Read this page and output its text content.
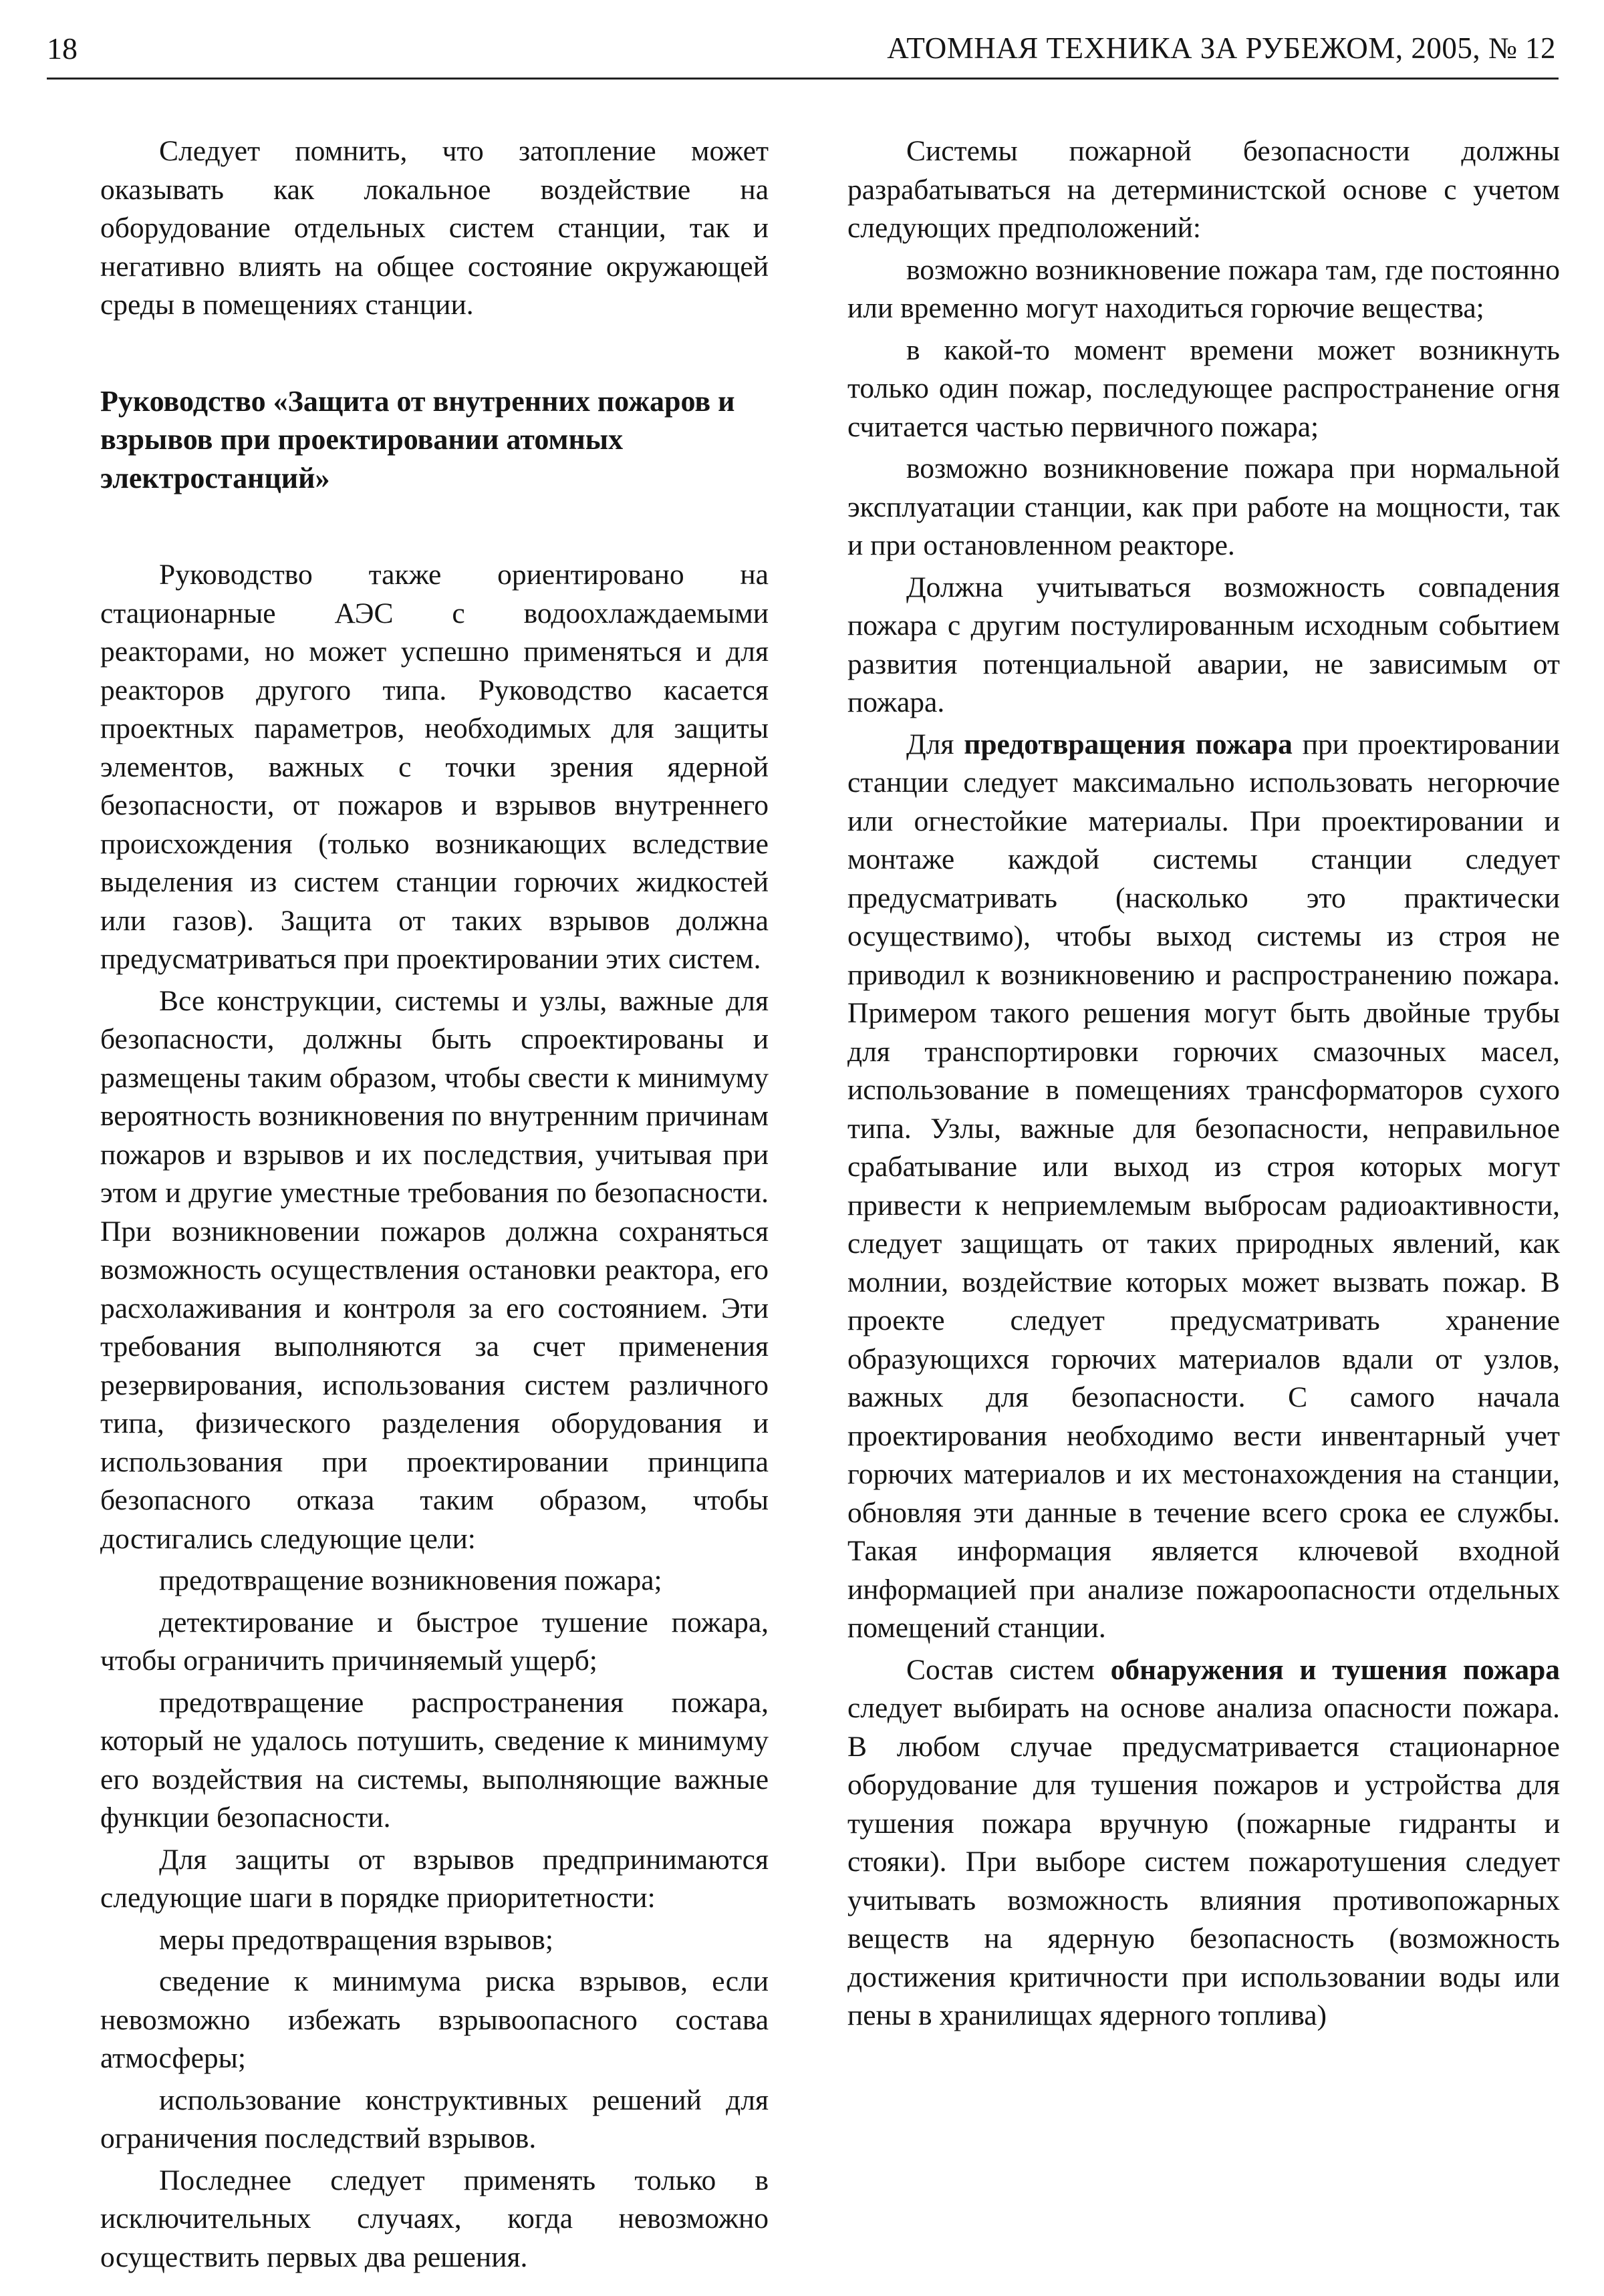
18	АТОМНАЯ ТЕХНИКА ЗА РУБЕЖОМ, 2005, № 12

Следует помнить, что затопление может оказывать как локальное воздействие на оборудование отдельных систем станции, так и негативно влиять на общее состояние окружающей среды в помещениях станции.

Руководство «Защита от внутренних пожаров и взрывов при проектировании атомных электростанций»

Руководство также ориентировано на стационарные АЭС с водоохлаждаемыми реакторами, но может успешно применяться и для реакторов другого типа. Руководство касается проектных параметров, необходимых для защиты элементов, важных с точки зрения ядерной безопасности, от пожаров и взрывов внутреннего происхождения (только возникающих вследствие выделения из систем станции горючих жидкостей или газов). Защита от таких взрывов должна предусматриваться при проектировании этих систем.

Все конструкции, системы и узлы, важные для безопасности, должны быть спроектированы и размещены таким образом, чтобы свести к минимуму вероятность возникновения по внутренним причинам пожаров и взрывов и их последствия, учитывая при этом и другие уместные требования по безопасности. При возникновении пожаров должна сохраняться возможность осуществления остановки реактора, его расхолаживания и контроля за его состоянием. Эти требования выполняются за счет применения резервирования, использования систем различного типа, физического разделения оборудования и использования при проектировании принципа безопасного отказа таким образом, чтобы достигались следующие цели:

предотвращение возникновения пожара;

детектирование и быстрое тушение пожара, чтобы ограничить причиняемый ущерб;

предотвращение распространения пожара, который не удалось потушить, сведение к минимуму его воздействия на системы, выполняющие важные функции безопасности.

Для защиты от взрывов предпринимаются следующие шаги в порядке приоритетности:

меры предотвращения взрывов;

сведение к минимума риска взрывов, если невозможно избежать взрывоопасного состава атмосферы;

использование конструктивных решений для ограничения последствий взрывов.

Последнее следует применять только в исключительных случаях, когда невозможно осуществить первых два решения.

Системы пожарной безопасности должны разрабатываться на детерминистской основе с учетом следующих предположений:

возможно возникновение пожара там, где постоянно или временно могут находиться горючие вещества;

в какой-то момент времени может возникнуть только один пожар, последующее распространение огня считается частью первичного пожара;

возможно возникновение пожара при нормальной эксплуатации станции, как при работе на мощности, так и при остановленном реакторе.

Должна учитываться возможность совпадения пожара с другим постулированным исходным событием развития потенциальной аварии, не зависимым от пожара.

Для предотвращения пожара при проектировании станции следует максимально использовать негорючие или огнестойкие материалы. При проектировании и монтаже каждой системы станции следует предусматривать (насколько это практически осуществимо), чтобы выход системы из строя не приводил к возникновению и распространению пожара. Примером такого решения могут быть двойные трубы для транспортировки горючих смазочных масел, использование в помещениях трансформаторов сухого типа. Узлы, важные для безопасности, неправильное срабатывание или выход из строя которых могут привести к неприемлемым выбросам радиоактивности, следует защищать от таких природных явлений, как молнии, воздействие которых может вызвать пожар. В проекте следует предусматривать хранение образующихся горючих материалов вдали от узлов, важных для безопасности. С самого начала проектирования необходимо вести инвентарный учет горючих материалов и их местонахождения на станции, обновляя эти данные в течение всего срока ее службы. Такая информация является ключевой входной информацией при анализе пожароопасности отдельных помещений станции.

Состав систем обнаружения и тушения пожара следует выбирать на основе анализа опасности пожара. В любом случае предусматривается стационарное оборудование для тушения пожаров и устройства для тушения пожара вручную (пожарные гидранты и стояки). При выборе систем пожаротушения следует учитывать возможность влияния противопожарных веществ на ядерную безопасность (возможность достижения критичности при использовании воды или пены в хранилищах ядерного топлива)
